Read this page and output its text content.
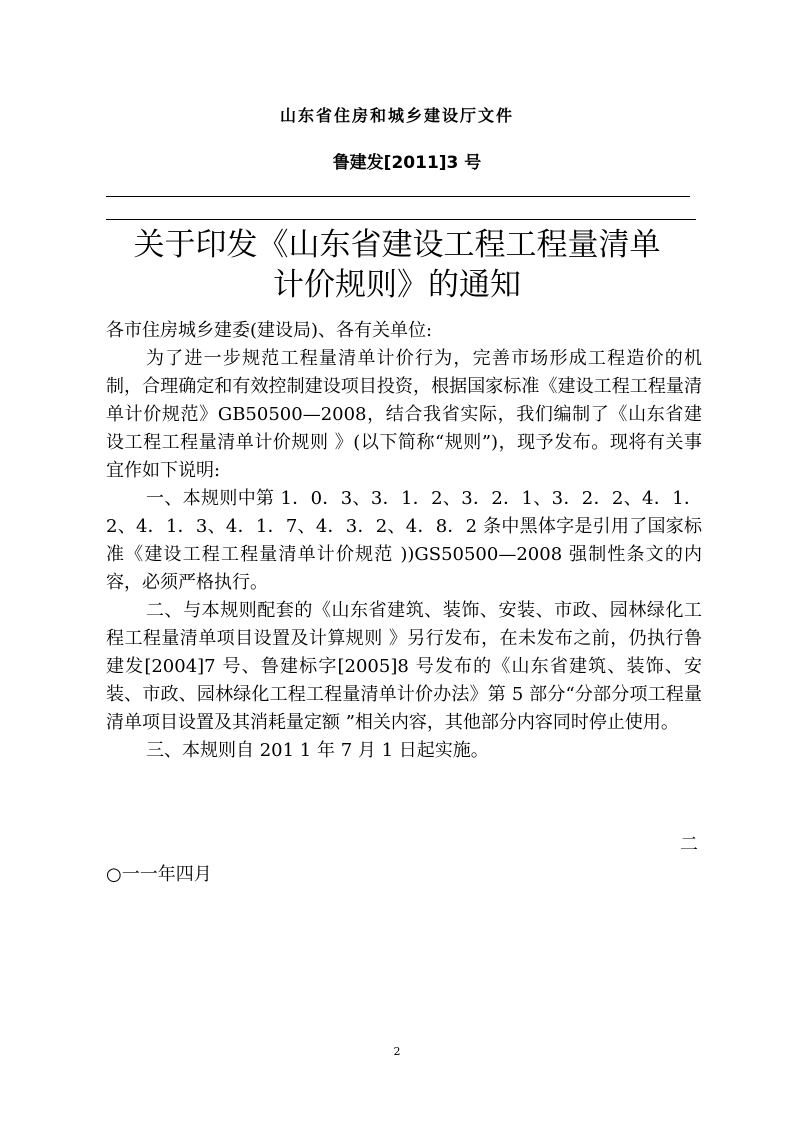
山东省住房和城乡建设厅文件

鲁建发[2011]3 号

关于印发《山东省建设工程工程量清单
计价规则》的通知

各市住房城乡建委(建设局)、各有关单位:

为了进一步规范工程量清单计价行为，完善市场形成工程造价的机制，合理确定和有效控制建设项目投资，根据国家标准《建设工程工程量清单计价规范》GB50500—2008，结合我省实际，我们编制了《山东省建设工程工程量清单计价规则 》(以下简称“规则”)，现予发布。现将有关事宜作如下说明:

一、本规则中第 1．0．3、3．1．2、3．2．1、3．2．2、4．1．2、4．1．3、4．1．7、4．3．2、4．8．2 条中黑体字是引用了国家标准《建设工程工程量清单计价规范 ))GS50500—2008 强制性条文的内容，必须严格执行。

二、与本规则配套的《山东省建筑、装饰、安装、市政、园林绿化工程工程量清单项目设置及计算规则 》另行发布，在未发布之前，仍执行鲁建发[2004]7 号、鲁建标字[2005]8 号发布的《山东省建筑、装饰、安装、市政、园林绿化工程工程量清单计价办法》第 5 部分“分部分项工程量清单项目设置及其消耗量定额 ”相关内容，其他部分内容同时停止使用。

三、本规则自 201 1 年 7 月 1 日起实施。

二

○一一年四月

2
